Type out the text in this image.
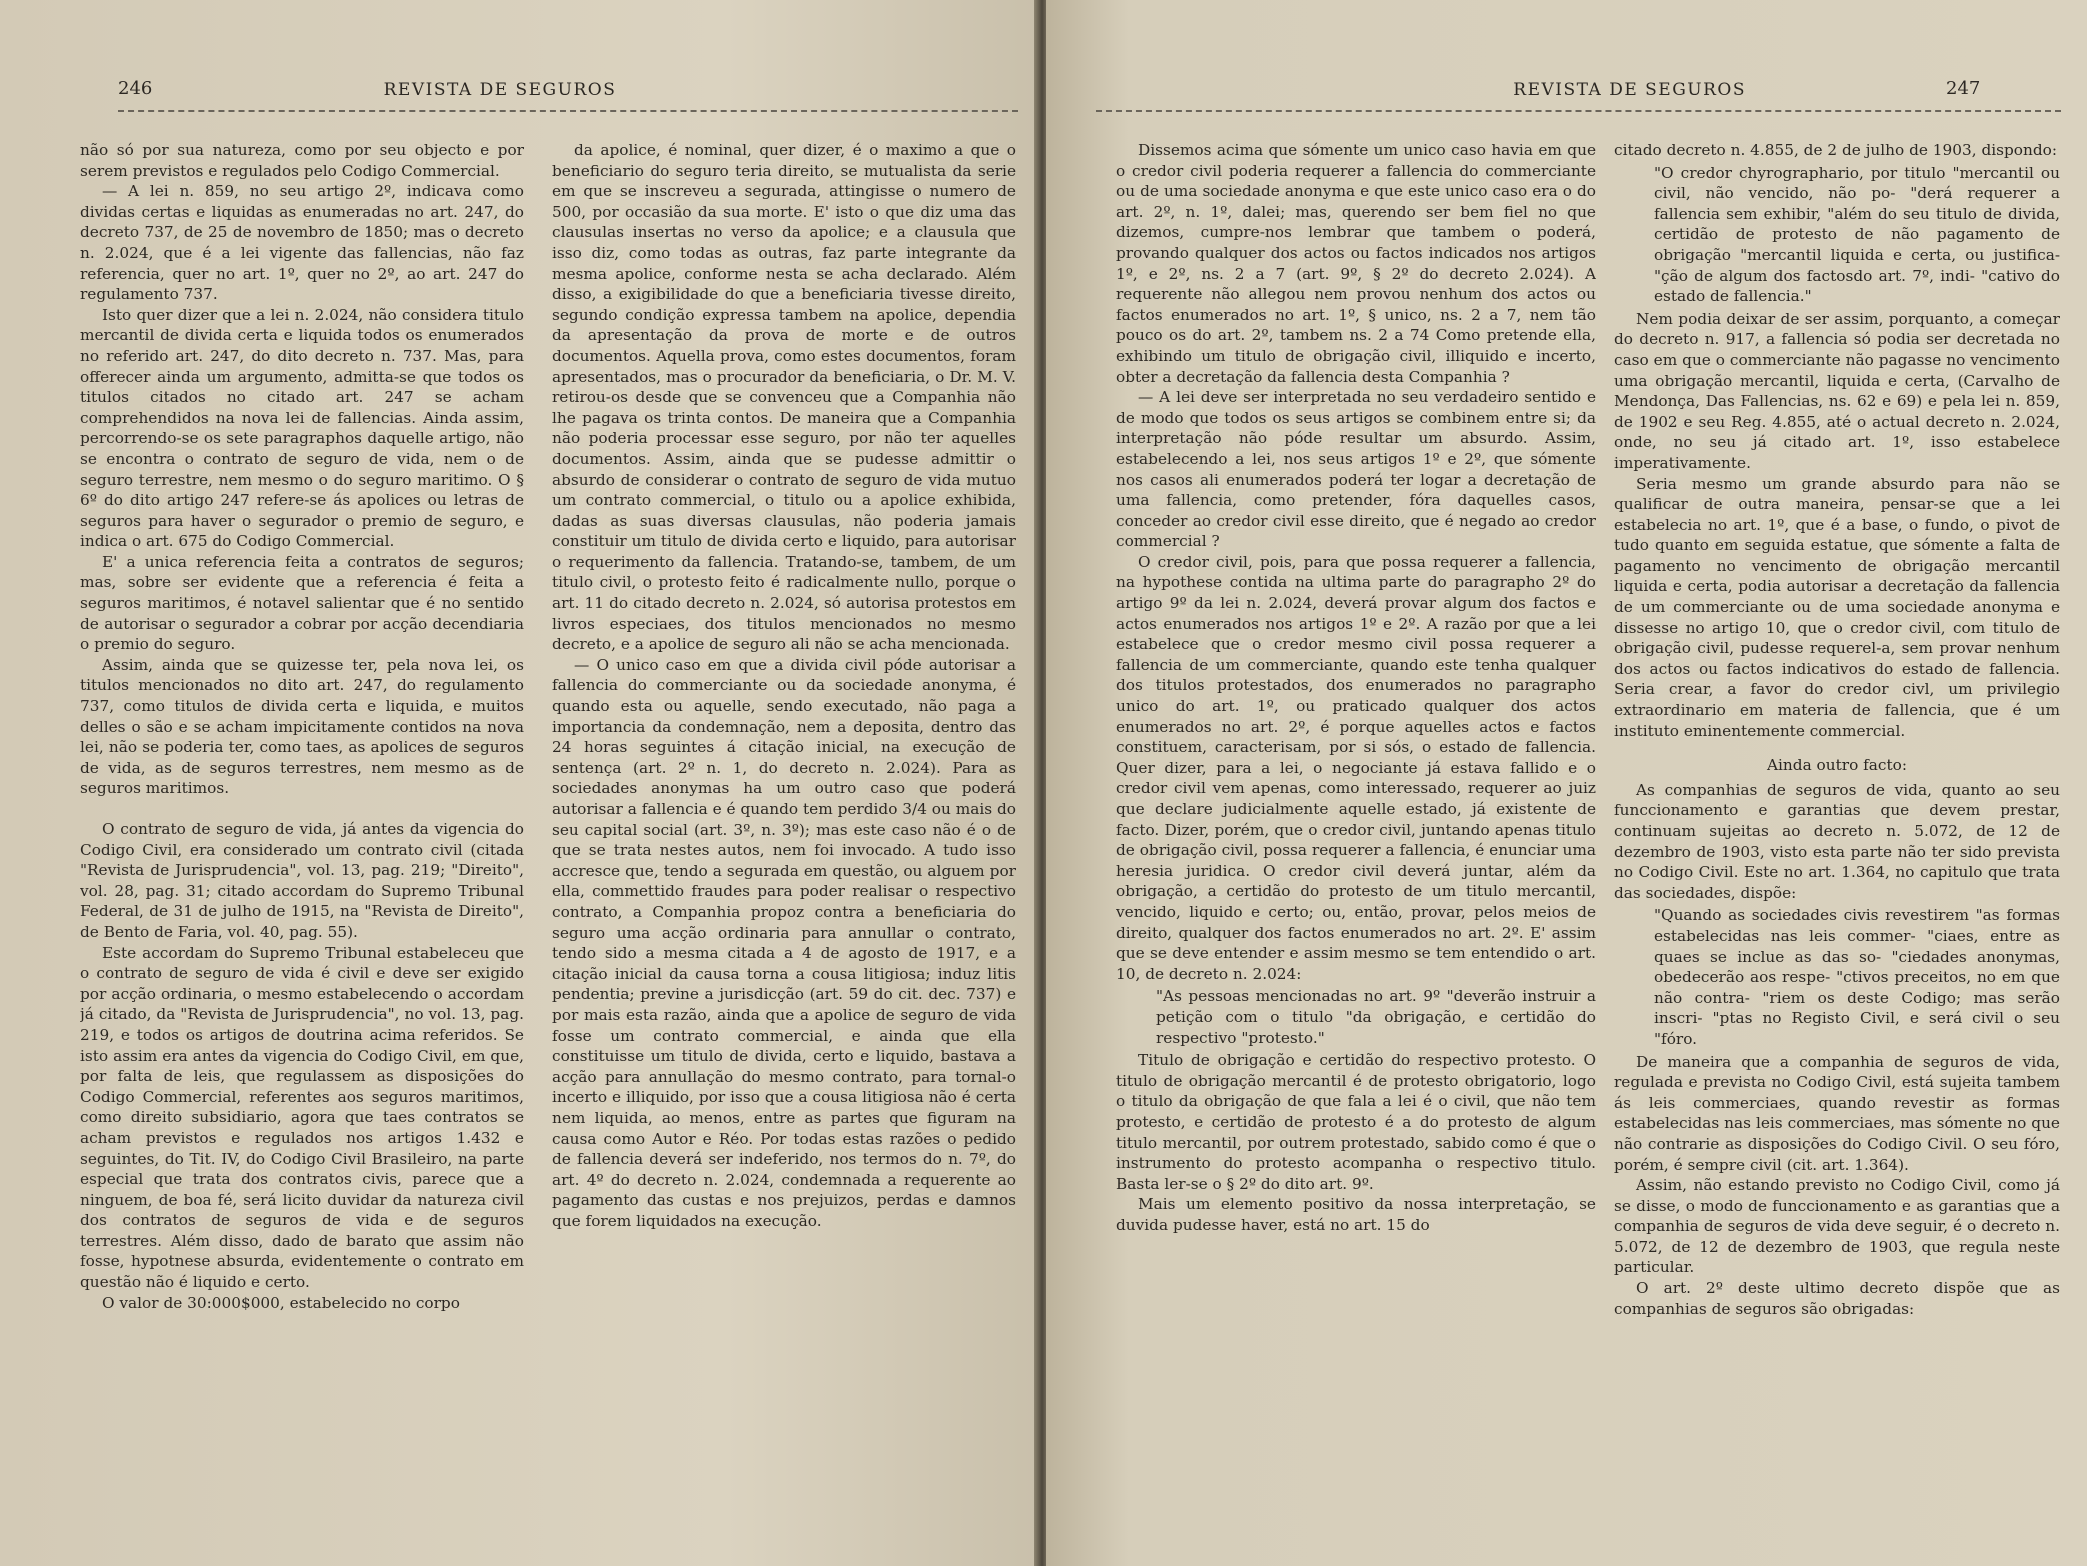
246	REVISTA DE SEGUROS

não só por sua natureza, como por seu objecto e por serem previstos e regulados pelo Codigo Commercial.

— A lei n. 859, no seu artigo 2º, indicava como dividas certas e liquidas as enumeradas no art. 247, do decreto 737, de 25 de novembro de 1850; mas o decreto n. 2.024, que é a lei vigente das fallencias, não faz referencia, quer no art. 1º, quer no 2º, ao art. 247 do regulamento 737.

Isto quer dizer que a lei n. 2.024, não considera titulo mercantil de divida certa e liquida todos os enumerados no referido art. 247, do dito decreto n. 737. Mas, para offerecer ainda um argumento, admitta-se que todos os titulos citados no citado art. 247 se acham comprehendidos na nova lei de fallencias. Ainda assim, percorrendo-se os sete paragraphos daquelle artigo, não se encontra o contrato de seguro de vida, nem o de seguro terrestre, nem mesmo o do seguro maritimo. O § 6º do dito artigo 247 refere-se ás apolices ou letras de seguros para haver o segurador o premio de seguro, e indica o art. 675 do Codigo Commercial.

E' a unica referencia feita a contratos de seguros; mas, sobre ser evidente que a referencia é feita a seguros maritimos, é notavel salientar que é no sentido de autorisar o segurador a cobrar por acção decendiaria o premio do seguro.

Assim, ainda que se quizesse ter, pela nova lei, os titulos mencionados no dito art. 247, do regulamento 737, como titulos de divida certa e liquida, e muitos delles o são e se acham impicitamente contidos na nova lei, não se poderia ter, como taes, as apolices de seguros de vida, as de seguros terrestres, nem mesmo as de seguros maritimos.

O contrato de seguro de vida, já antes da vigencia do Codigo Civil, era considerado um contrato civil (citada "Revista de Jurisprudencia", vol. 13, pag. 219; "Direito", vol. 28, pag. 31; citado accordam do Supremo Tribunal Federal, de 31 de julho de 1915, na "Revista de Direito", de Bento de Faria, vol. 40, pag. 55).

Este accordam do Supremo Tribunal estabeleceu que o contrato de seguro de vida é civil e deve ser exigido por acção ordinaria, o mesmo estabelecendo o accordam já citado, da "Revista de Jurisprudencia", no vol. 13, pag. 219, e todos os artigos de doutrina acima referidos. Se isto assim era antes da vigencia do Codigo Civil, em que, por falta de leis, que regulassem as disposições do Codigo Commercial, referentes aos seguros maritimos, como direito subsidiario, agora que taes contratos se acham previstos e regulados nos artigos 1.432 e seguintes, do Tit. IV, do Codigo Civil Brasileiro, na parte especial que trata dos contratos civis, parece que a ninguem, de boa fé, será licito duvidar da natureza civil dos contratos de seguros de vida e de seguros terrestres. Além disso, dado de barato que assim não fosse, hypotnese absurda, evidentemente o contrato em questão não é liquido e certo.

O valor de 30:000$000, estabelecido no corpo

da apolice, é nominal, quer dizer, é o maximo a que o beneficiario do seguro teria direito, se mutualista da serie em que se inscreveu a segurada, attingisse o numero de 500, por occasião da sua morte. E' isto o que diz uma das clausulas insertas no verso da apolice; e a clausula que isso diz, como todas as outras, faz parte integrante da mesma apolice, conforme nesta se acha declarado. Além disso, a exigibilidade do que a beneficiaria tivesse direito, segundo condição expressa tambem na apolice, dependia da apresentação da prova de morte e de outros documentos. Aquella prova, como estes documentos, foram apresentados, mas o procurador da beneficiaria, o Dr. M. V. retirou-os desde que se convenceu que a Companhia não lhe pagava os trinta contos. De maneira que a Companhia não poderia processar esse seguro, por não ter aquelles documentos. Assim, ainda que se pudesse admittir o absurdo de considerar o contrato de seguro de vida mutuo um contrato commercial, o titulo ou a apolice exhibida, dadas as suas diversas clausulas, não poderia jamais constituir um titulo de divida certo e liquido, para autorisar o requerimento da fallencia. Tratando-se, tambem, de um titulo civil, o protesto feito é radicalmente nullo, porque o art. 11 do citado decreto n. 2.024, só autorisa protestos em livros especiaes, dos titulos mencionados no mesmo decreto, e a apolice de seguro ali não se acha mencionada.

— O unico caso em que a divida civil póde autorisar a fallencia do commerciante ou da sociedade anonyma, é quando esta ou aquelle, sendo executado, não paga a importancia da condemnação, nem a deposita, dentro das 24 horas seguintes á citação inicial, na execução de sentença (art. 2º n. 1, do decreto n. 2.024). Para as sociedades anonymas ha um outro caso que poderá autorisar a fallencia e é quando tem perdido 3/4 ou mais do seu capital social (art. 3º, n. 3º); mas este caso não é o de que se trata nestes autos, nem foi invocado. A tudo isso accresce que, tendo a segurada em questão, ou alguem por ella, commettido fraudes para poder realisar o respectivo contrato, a Companhia propoz contra a beneficiaria do seguro uma acção ordinaria para annullar o contrato, tendo sido a mesma citada a 4 de agosto de 1917, e a citação inicial da causa torna a cousa litigiosa; induz litis pendentia; previne a jurisdicção (art. 59 do cit. dec. 737) e por mais esta razão, ainda que a apolice de seguro de vida fosse um contrato commercial, e ainda que ella constituisse um titulo de divida, certo e liquido, bastava a acção para annullação do mesmo contrato, para tornal-o incerto e illiquido, por isso que a cousa litigiosa não é certa nem liquida, ao menos, entre as partes que figuram na causa como Autor e Réo. Por todas estas razões o pedido de fallencia deverá ser indeferido, nos termos do n. 7º, do art. 4º do decreto n. 2.024, condemnada a requerente ao pagamento das custas e nos prejuizos, perdas e damnos que forem liquidados na execução.

REVISTA DE SEGUROS	247

Dissemos acima que sómente um unico caso havia em que o credor civil poderia requerer a fallencia do commerciante ou de uma sociedade anonyma e que este unico caso era o do art. 2º, n. 1º, dalei; mas, querendo ser bem fiel no que dizemos, cumpre-nos lembrar que tambem o poderá, provando qualquer dos actos ou factos indicados nos artigos 1º, e 2º, ns. 2 a 7 (art. 9º, § 2º do decreto 2.024). A requerente não allegou nem provou nenhum dos actos ou factos enumerados no art. 1º, § unico, ns. 2 a 7, nem tão pouco os do art. 2º, tambem ns. 2 a 74 Como pretende ella, exhibindo um titulo de obrigação civil, illiquido e incerto, obter a decretação da fallencia desta Companhia ?

— A lei deve ser interpretada no seu verdadeiro sentido e de modo que todos os seus artigos se combinem entre si; da interpretação não póde resultar um absurdo. Assim, estabelecendo a lei, nos seus artigos 1º e 2º, que sómente nos casos ali enumerados poderá ter logar a decretação de uma fallencia, como pretender, fóra daquelles casos, conceder ao credor civil esse direito, que é negado ao credor commercial ?

O credor civil, pois, para que possa requerer a fallencia, na hypothese contida na ultima parte do paragrapho 2º do artigo 9º da lei n. 2.024, deverá provar algum dos factos e actos enumerados nos artigos 1º e 2º. A razão por que a lei estabelece que o credor mesmo civil possa requerer a fallencia de um commerciante, quando este tenha qualquer dos titulos protestados, dos enumerados no paragrapho unico do art. 1º, ou praticado qualquer dos actos enumerados no art. 2º, é porque aquelles actos e factos constituem, caracterisam, por si sós, o estado de fallencia. Quer dizer, para a lei, o negociante já estava fallido e o credor civil vem apenas, como interessado, requerer ao juiz que declare judicialmente aquelle estado, já existente de facto. Dizer, porém, que o credor civil, juntando apenas titulo de obrigação civil, possa requerer a fallencia, é enunciar uma heresia juridica. O credor civil deverá juntar, além da obrigação, a certidão do protesto de um titulo mercantil, vencido, liquido e certo; ou, então, provar, pelos meios de direito, qualquer dos factos enumerados no art. 2º. E' assim que se deve entender e assim mesmo se tem entendido o art. 10, de decreto n. 2.024:

"As pessoas mencionadas no art. 9º "deverão instruir a petição com o titulo "da obrigação, e certidão do respectivo "protesto."

Titulo de obrigação e certidão do respectivo protesto. O titulo de obrigação mercantil é de protesto obrigatorio, logo o titulo da obrigação de que fala a lei é o civil, que não tem protesto, e certidão de protesto é a do protesto de algum titulo mercantil, por outrem protestado, sabido como é que o instrumento do protesto acompanha o respectivo titulo. Basta ler-se o § 2º do dito art. 9º.

Mais um elemento positivo da nossa interpretação, se duvida pudesse haver, está no art. 15 do

citado decreto n. 4.855, de 2 de julho de 1903, dispondo:

"O credor chyrographario, por titulo "mercantil ou civil, não vencido, não po- "derá requerer a fallencia sem exhibir, "além do seu titulo de divida, certidão de protesto de não pagamento de obrigação "mercantil liquida e certa, ou justifica- "ção de algum dos factosdo art. 7º, indi- "cativo do estado de fallencia."

Nem podia deixar de ser assim, porquanto, a começar do decreto n. 917, a fallencia só podia ser decretada no caso em que o commerciante não pagasse no vencimento uma obrigação mercantil, liquida e certa, (Carvalho de Mendonça, Das Fallencias, ns. 62 e 69) e pela lei n. 859, de 1902 e seu Reg. 4.855, até o actual decreto n. 2.024, onde, no seu já citado art. 1º, isso estabelece imperativamente.

Seria mesmo um grande absurdo para não se qualificar de outra maneira, pensar-se que a lei estabelecia no art. 1º, que é a base, o fundo, o pivot de tudo quanto em seguida estatue, que sómente a falta de pagamento no vencimento de obrigação mercantil liquida e certa, podia autorisar a decretação da fallencia de um commerciante ou de uma sociedade anonyma e dissesse no artigo 10, que o credor civil, com titulo de obrigação civil, pudesse requerel-a, sem provar nenhum dos actos ou factos indicativos do estado de fallencia. Seria crear, a favor do credor civl, um privilegio extraordinario em materia de fallencia, que é um instituto eminentemente commercial.

Ainda outro facto:

As companhias de seguros de vida, quanto ao seu funccionamento e garantias que devem prestar, continuam sujeitas ao decreto n. 5.072, de 12 de dezembro de 1903, visto esta parte não ter sido prevista no Codigo Civil. Este no art. 1.364, no capitulo que trata das sociedades, dispõe:

"Quando as sociedades civis revestirem "as formas estabelecidas nas leis commer- "ciaes, entre as quaes se inclue as das so- "ciedades anonymas, obedecerão aos respe- "ctivos preceitos, no em que não contra- "riem os deste Codigo; mas serão inscri- "ptas no Registo Civil, e será civil o seu "fóro.

De maneira que a companhia de seguros de vida, regulada e prevista no Codigo Civil, está sujeita tambem ás leis commerciaes, quando revestir as formas estabelecidas nas leis commerciaes, mas sómente no que não contrarie as disposições do Codigo Civil. O seu fóro, porém, é sempre civil (cit. art. 1.364).

Assim, não estando previsto no Codigo Civil, como já se disse, o modo de funccionamento e as garantias que a companhia de seguros de vida deve seguir, é o decreto n. 5.072, de 12 de dezembro de 1903, que regula neste particular.

O art. 2º deste ultimo decreto dispõe que as companhias de seguros são obrigadas:
